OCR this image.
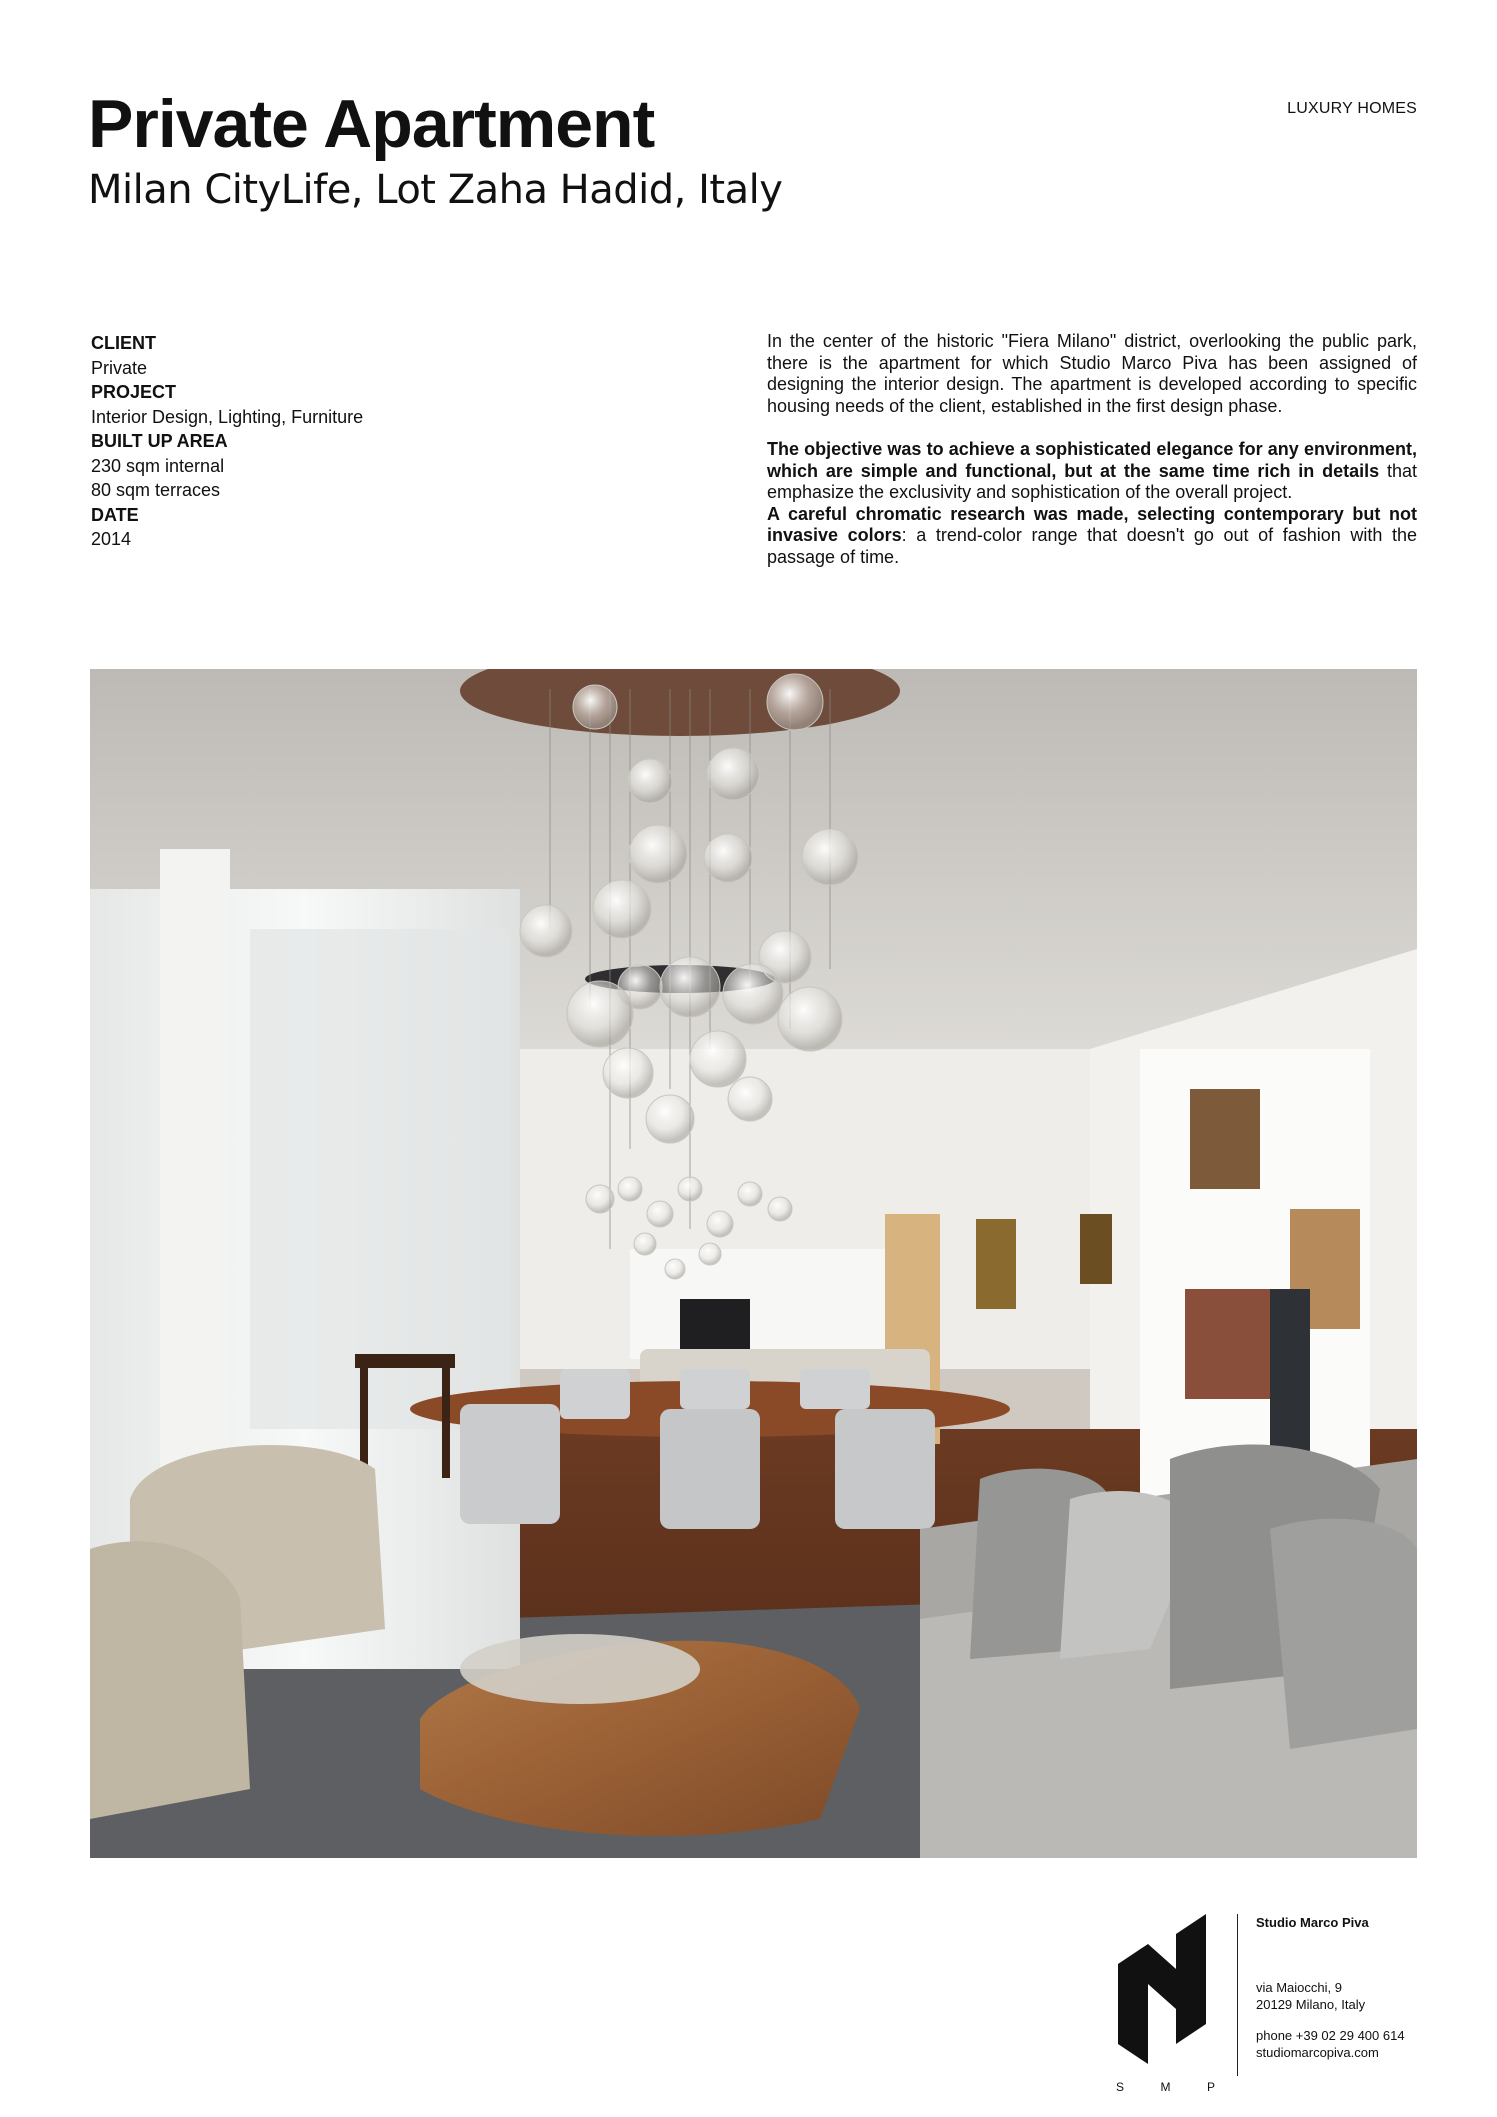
Private Apartment
Milan CityLife, Lot Zaha Hadid, Italy
LUXURY HOMES
CLIENT
Private
PROJECT
Interior Design, Lighting, Furniture
BUILT UP AREA
230 sqm internal
80 sqm terraces
DATE
2014

In the center of the historic "Fiera Milano" district, overlooking the public park, there is the apartment for which Studio Marco Piva has been assigned of designing the interior design. The apartment is developed according to specific housing needs of the client, established in the first design phase.

The objective was to achieve a sophisticated elegance for any environment, which are simple and functional, but at the same time rich in details that emphasize the exclusivity and sophistication of the overall project.
A careful chromatic research was made, selecting contemporary but not invasive colors: a trend-color range that doesn't go out of fashion with the passage of time.

S	M	P
Studio Marco Piva
via Maiocchi, 9
20129 Milano, Italy
phone +39 02 29 400 614
studiomarcopiva.com
